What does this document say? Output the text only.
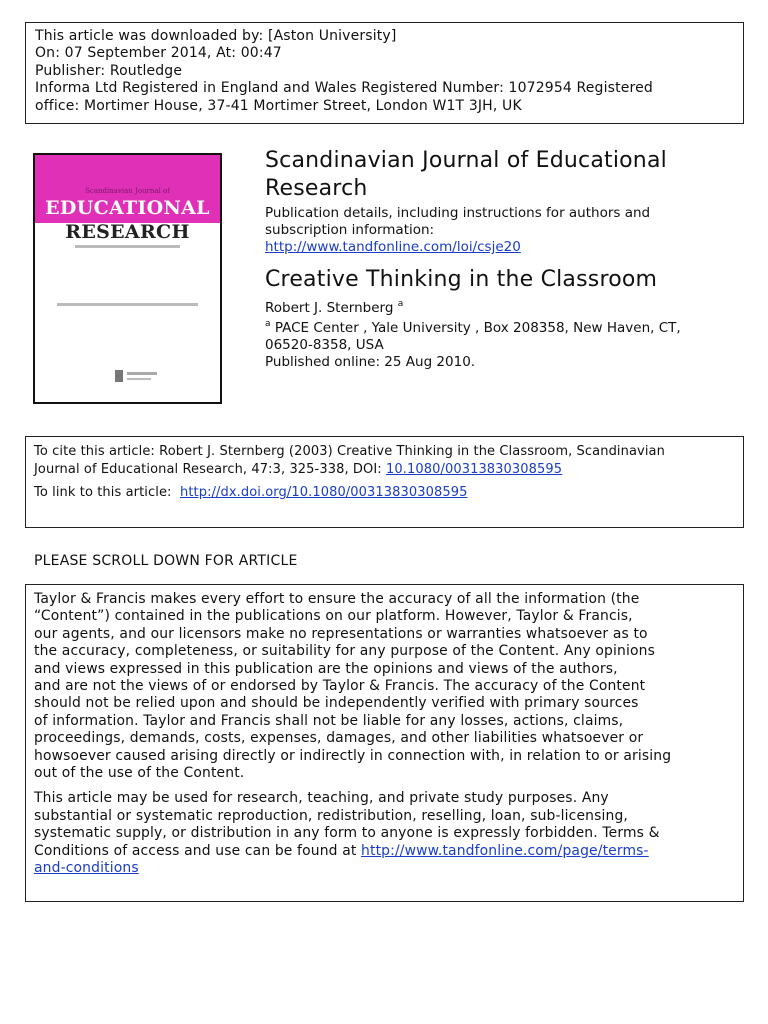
This article was downloaded by: [Aston University]
On: 07 September 2014, At: 00:47
Publisher: Routledge
Informa Ltd Registered in England and Wales Registered Number: 1072954 Registered
office: Mortimer House, 37-41 Mortimer Street, London W1T 3JH, UK
Scandinavian Journal of
EDUCATIONAL
RESEARCH
Scandinavian Journal of Educational
Research
Publication details, including instructions for authors and
subscription information:
http://www.tandfonline.com/loi/csje20
Creative Thinking in the Classroom
Robert J. Sternberg $^a$
$^a$ PACE Center , Yale University , Box 208358, New Haven, CT,
06520-8358, USA
Published online: 25 Aug 2010.
To cite this article: Robert J. Sternberg (2003) Creative Thinking in the Classroom, Scandinavian
Journal of Educational Research, 47:3, 325-338, DOI: 10.1080/00313830308595
To link to this article:  http://dx.doi.org/10.1080/00313830308595
PLEASE SCROLL DOWN FOR ARTICLE
Taylor & Francis makes every effort to ensure the accuracy of all the information (the
“Content”) contained in the publications on our platform. However, Taylor & Francis,
our agents, and our licensors make no representations or warranties whatsoever as to
the accuracy, completeness, or suitability for any purpose of the Content. Any opinions
and views expressed in this publication are the opinions and views of the authors,
and are not the views of or endorsed by Taylor & Francis. The accuracy of the Content
should not be relied upon and should be independently verified with primary sources
of information. Taylor and Francis shall not be liable for any losses, actions, claims,
proceedings, demands, costs, expenses, damages, and other liabilities whatsoever or
howsoever caused arising directly or indirectly in connection with, in relation to or arising
out of the use of the Content.
This article may be used for research, teaching, and private study purposes. Any
substantial or systematic reproduction, redistribution, reselling, loan, sub-licensing,
systematic supply, or distribution in any form to anyone is expressly forbidden. Terms &
Conditions of access and use can be found at http://www.tandfonline.com/page/terms-
and-conditions
